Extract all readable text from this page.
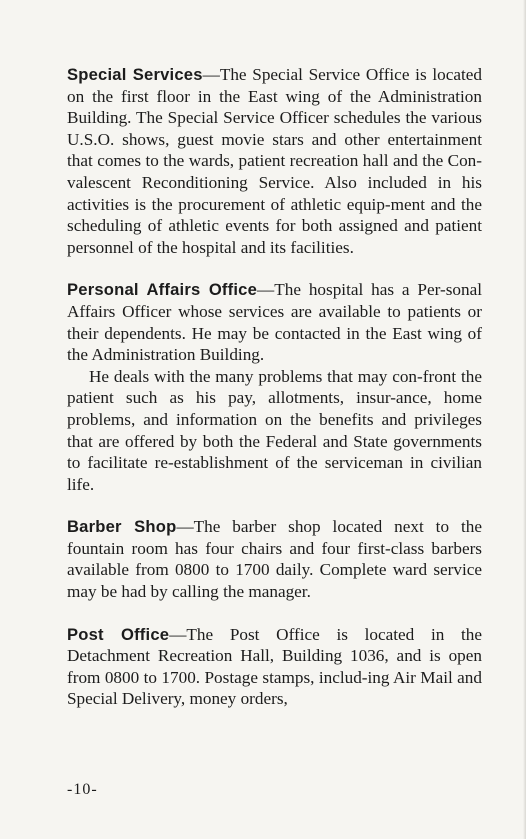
Special Services—The Special Service Office is located on the first floor in the East wing of the Administration Building. The Special Service Officer schedules the various U.S.O. shows, guest movie stars and other entertainment that comes to the wards, patient recreation hall and the Con-valescent Reconditioning Service. Also included in his activities is the procurement of athletic equip-ment and the scheduling of athletic events for both assigned and patient personnel of the hospital and its facilities.

Personal Affairs Office—The hospital has a Per-sonal Affairs Officer whose services are available to patients or their dependents. He may be contacted in the East wing of the Administration Building.

He deals with the many problems that may con-front the patient such as his pay, allotments, insur-ance, home problems, and information on the benefits and privileges that are offered by both the Federal and State governments to facilitate re-establishment of the serviceman in civilian life.

Barber Shop—The barber shop located next to the fountain room has four chairs and four first-class barbers available from 0800 to 1700 daily. Complete ward service may be had by calling the manager.

Post Office—The Post Office is located in the Detachment Recreation Hall, Building 1036, and is open from 0800 to 1700. Postage stamps, includ-ing Air Mail and Special Delivery, money orders,

-10-
